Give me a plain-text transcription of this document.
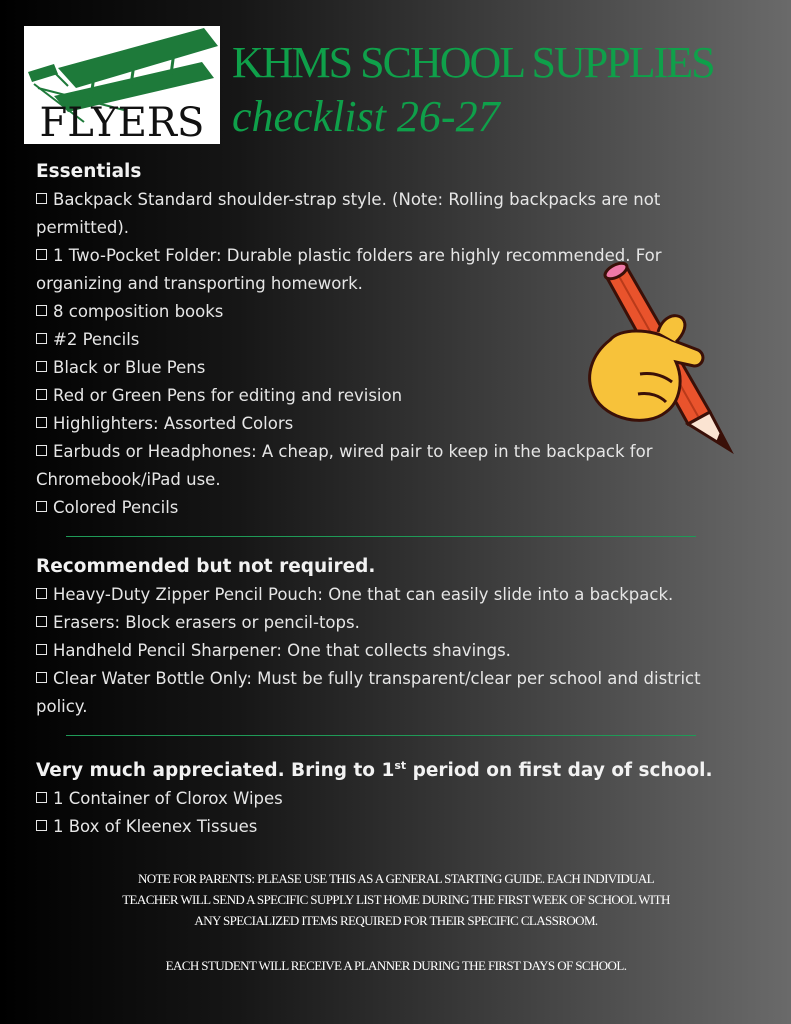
FLYERS
KHMS SCHOOL SUPPLIES
checklist 26-27
Essentials
Backpack Standard shoulder-strap style. (Note: Rolling backpacks are not permitted).
1 Two-Pocket Folder: Durable plastic folders are highly recommended. For organizing and transporting homework.
8 composition books
#2 Pencils
Black or Blue Pens
Red or Green Pens for editing and revision
Highlighters: Assorted Colors
Earbuds or Headphones: A cheap, wired pair to keep in the backpack for Chromebook/iPad use.
Colored Pencils
Recommended but not required.
Heavy-Duty Zipper Pencil Pouch: One that can easily slide into a backpack.
Erasers: Block erasers or pencil-tops.
Handheld Pencil Sharpener: One that collects shavings.
Clear Water Bottle Only: Must be fully transparent/clear per school and district policy.
Very much appreciated. Bring to 1st period on first day of school.
1 Container of Clorox Wipes
1 Box of Kleenex Tissues
NOTE FOR PARENTS: PLEASE USE THIS AS A GENERAL STARTING GUIDE. EACH INDIVIDUAL
TEACHER WILL SEND A SPECIFIC SUPPLY LIST HOME DURING THE FIRST WEEK OF SCHOOL WITH
ANY SPECIALIZED ITEMS REQUIRED FOR THEIR SPECIFIC CLASSROOM.
EACH STUDENT WILL RECEIVE A PLANNER DURING THE FIRST DAYS OF SCHOOL.
